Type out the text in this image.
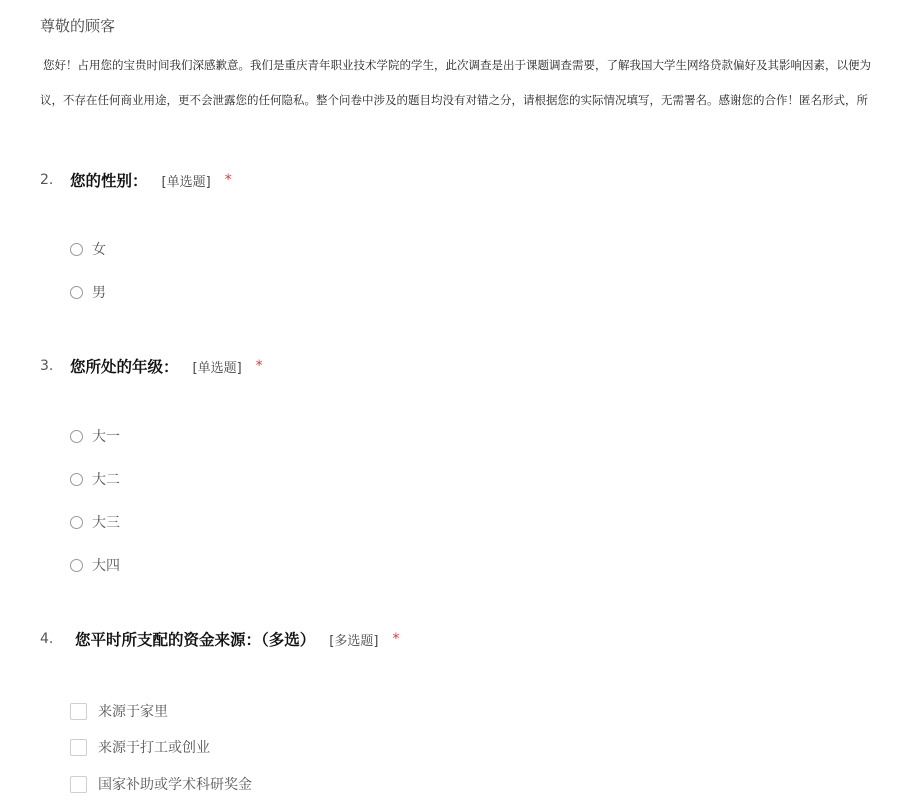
尊敬的顾客
您好！占用您的宝贵时间我们深感歉意。我们是重庆青年职业技术学院的学生，此次调查是出于课题调查需要，了解我国大学生网络贷款偏好及其影响因素，以便为
议，不存在任何商业用途，更不会泄露您的任何隐私。整个问卷中涉及的题目均没有对错之分，请根据您的实际情况填写，无需署名。感谢您的合作！匿名形式，所
2.	您的性别： [单选题] *
女
男
3.	您所处的年级： [单选题] *
大一
大二
大三
大四
4.	您平时所支配的资金来源：（多选） [多选题] *
来源于家里
来源于打工或创业
国家补助或学术科研奖金
